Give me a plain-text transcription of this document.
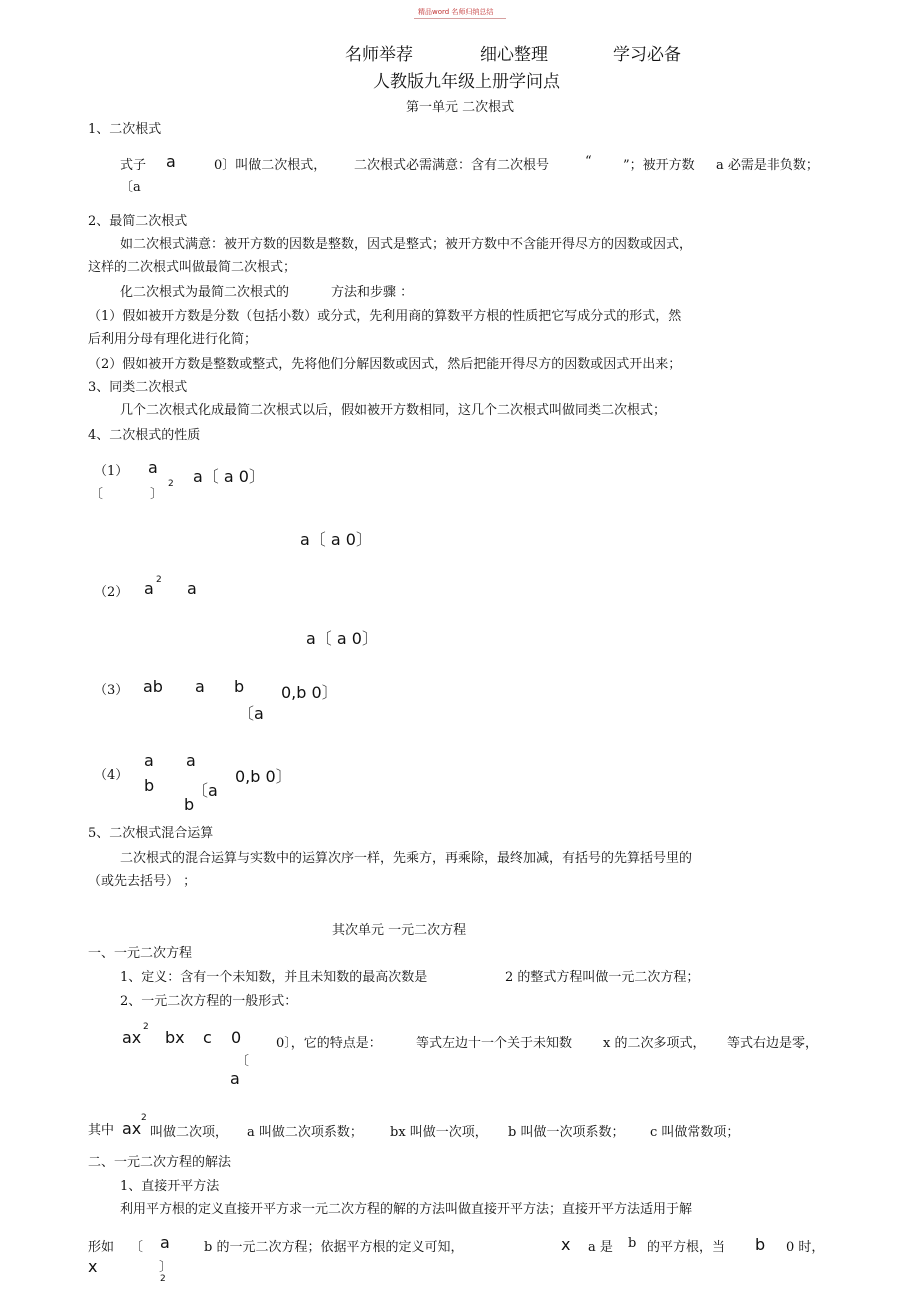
精品word 名师归纳总结
名师举荐	细心整理	学习必备
人教版九年级上册学问点
第一单元 二次根式
1、二次根式
式子 a	0〕叫做二次根式， 二次根式必需满意：含有二次根号	“ ”；被开方数 a 必需是非负数；
〔a
2、最简二次根式
如二次根式满意：被开方数的因数是整数，因式是整式；被开方数中不含能开得尽方的因数或因式，
这样的二次根式叫做最简二次根式；
化二次根式为最简二次根式的	方法和步骤 ：
（1）假如被开方数是分数（包括小数）或分式，先利用商的算数平方根的性质把它写成分式的形式，然
后利用分母有理化进行化简；
（2）假如被开方数是整数或整式，先将他们分解因数或因式，然后把能开得尽方的因数或因式开出来；
3、同类二次根式
几个二次根式化成最简二次根式以后，假如被开方数相同，这几个二次根式叫做同类二次根式；
4、二次根式的性质
（1） a
〔	〕
2 a〔 a 0〕
a〔 a 0〕
（2） a 2 a
a〔 a 0〕
（3） ab a b 0,b 0〕
〔a
（4）
a a
b 〔a
0,b 0〕
b
5、二次根式混合运算
二次根式的混合运算与实数中的运算次序一样，先乘方，再乘除，最终加减，有括号的先算括号里的
（或先去括号） ；
其次单元 一元二次方程
一、一元二次方程
1、定义：含有一个未知数，并且未知数的最高次数是	2 的整式方程叫做一元二次方程；
2、一元二次方程的一般形式：
ax
2
bx c 0	0〕，它的特点是：	等式左边十一个关于未知数 x 的二次多项式， 等式右边是零，
〔
a
其中 ax
2
叫做二次项， a 叫做二次项系数； bx 叫做一次项， b 叫做一次项系数； c 叫做常数项；
二、一元二次方程的解法
1、直接开平方法
利用平方根的定义直接开平方求一元二次方程的解的方法叫做直接开平方法；直接开平方法适用于解
形如 〔 a	b 的一元二次方程；依据平方根的定义可知，	x a 是 b 的平方根，当 b 0 时，
x	〕
2
